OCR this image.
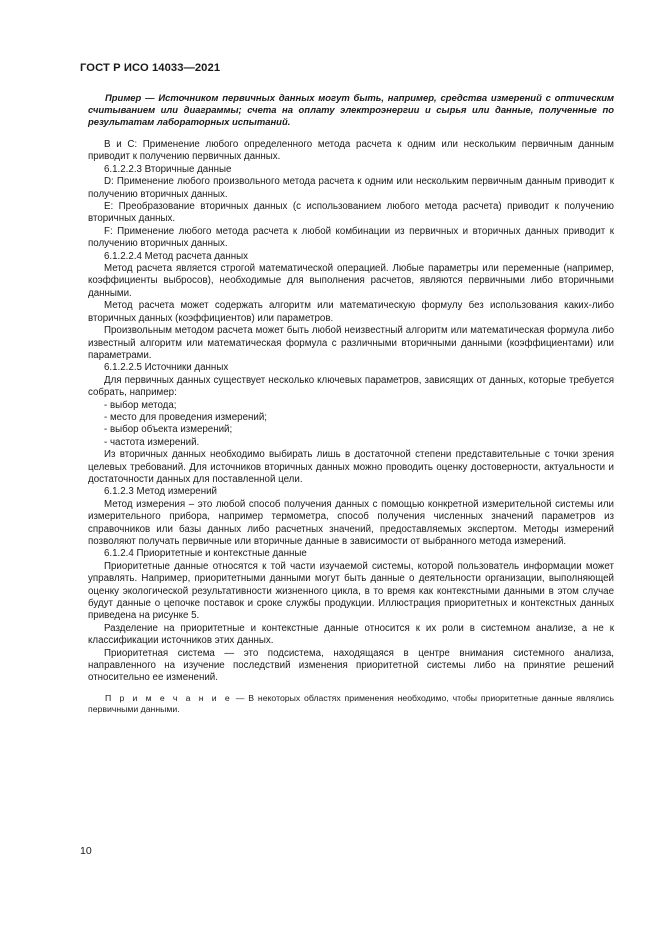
ГОСТ Р ИСО 14033—2021

Пример — Источником первичных данных могут быть, например, средства измерений с оптическим считыванием или диаграммы; счета на оплату электроэнергии и сырья или данные, полученные по результатам лабораторных испытаний.

В и С: Применение любого определенного метода расчета к одним или нескольким первичным данным приводит к получению первичных данных.

6.1.2.2.3 Вторичные данные

D: Применение любого произвольного метода расчета к одним или нескольким первичным данным приводит к получению вторичных данных.

E: Преобразование вторичных данных (с использованием любого метода расчета) приводит к получению вторичных данных.

F: Применение любого метода расчета к любой комбинации из первичных и вторичных данных приводит к получению вторичных данных.

6.1.2.2.4 Метод расчета данных

Метод расчета является строгой математической операцией. Любые параметры или переменные (например, коэффициенты выбросов), необходимые для выполнения расчетов, являются первичными либо вторичными данными.

Метод расчета может содержать алгоритм или математическую формулу без использования каких-либо вторичных данных (коэффициентов) или параметров.

Произвольным методом расчета может быть любой неизвестный алгоритм или математическая формула либо известный алгоритм или математическая формула с различными вторичными данными (коэффициентами) или параметрами.

6.1.2.2.5 Источники данных

Для первичных данных существует несколько ключевых параметров, зависящих от данных, которые требуется собрать, например:

- выбор метода;

- место для проведения измерений;

- выбор объекта измерений;

- частота измерений.

Из вторичных данных необходимо выбирать лишь в достаточной степени представительные с точки зрения целевых требований. Для источников вторичных данных можно проводить оценку достоверности, актуальности и достаточности данных для поставленной цели.

6.1.2.3 Метод измерений

Метод измерения – это любой способ получения данных с помощью конкретной измерительной системы или измерительного прибора, например термометра, способ получения численных значений параметров из справочников или базы данных либо расчетных значений, предоставляемых экспертом. Методы измерений позволяют получать первичные или вторичные данные в зависимости от выбранного метода измерений.

6.1.2.4 Приоритетные и контекстные данные

Приоритетные данные относятся к той части изучаемой системы, которой пользователь информации может управлять. Например, приоритетными данными могут быть данные о деятельности организации, выполняющей оценку экологической результативности жизненного цикла, в то время как контекстными данными в этом случае будут данные о цепочке поставок и сроке службы продукции. Иллюстрация приоритетных и контекстных данных приведена на рисунке 5.

Разделение на приоритетные и контекстные данные относится к их роли в системном анализе, а не к классификации источников этих данных.

Приоритетная система — это подсистема, находящаяся в центре внимания системного анализа, направленного на изучение последствий изменения приоритетной системы либо на принятие решений относительно ее изменений.

П р и м е ч а н и е — В некоторых областях применения необходимо, чтобы приоритетные данные являлись первичными данными.

10
